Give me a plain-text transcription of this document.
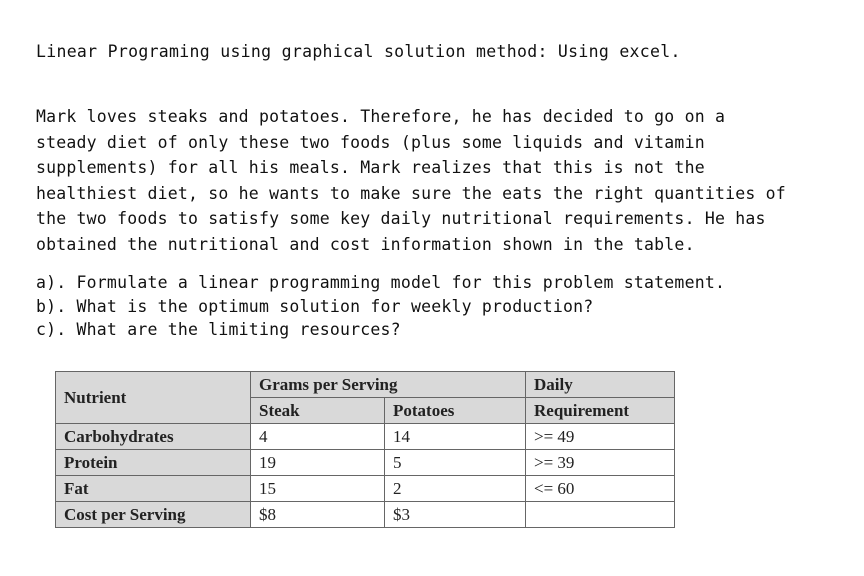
Linear Programing using graphical solution method: Using excel.
Mark loves steaks and potatoes. Therefore, he has decided to go on a
steady diet of only these two foods (plus some liquids and vitamin
supplements) for all his meals. Mark realizes that this is not the
healthiest diet, so he wants to make sure the eats the right quantities of
the two foods to satisfy some key daily nutritional requirements. He has
obtained the nutritional and cost information shown in the table.
a). Formulate a linear programming model for this problem statement.
b). What is the optimum solution for weekly production?
c). What are the limiting resources?
Nutrient	Grams per Serving		Daily
	Steak	Potatoes	Requirement
Carbohydrates	4	14	>= 49
Protein	19	5	>= 39
Fat	15	2	<= 60
Cost per Serving	$8	$3	
